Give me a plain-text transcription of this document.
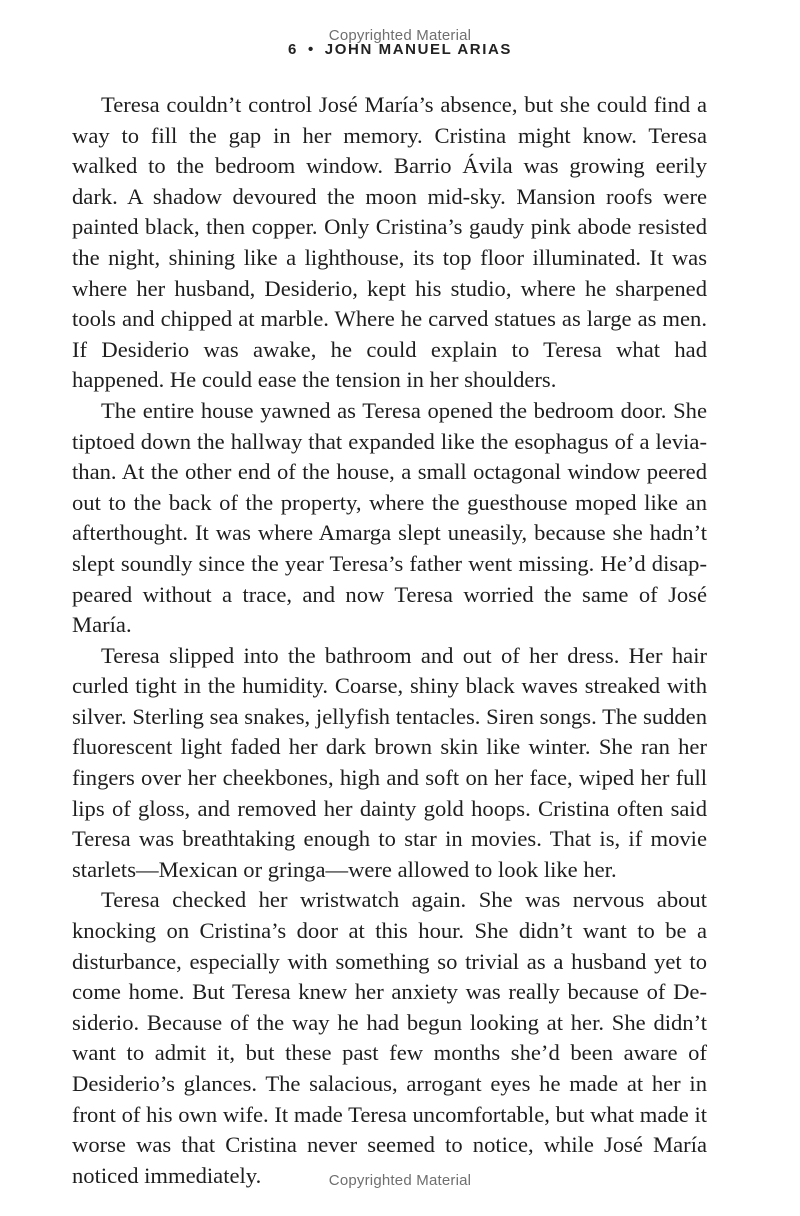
Copyrighted Material
6 • JOHN MANUEL ARIAS

Teresa couldn’t control José María’s absence, but she could find a way to fill the gap in her memory. Cristina might know. Teresa walked to the bedroom window. Barrio Ávila was growing eerily dark. A shadow devoured the moon mid-sky. Mansion roofs were painted black, then copper. Only Cristina’s gaudy pink abode resisted the night, shining like a lighthouse, its top floor illuminated. It was where her husband, Desiderio, kept his studio, where he sharpened tools and chipped at marble. Where he carved statues as large as men. If Desiderio was awake, he could explain to Teresa what had happened. He could ease the tension in her shoulders.

The entire house yawned as Teresa opened the bedroom door. She tiptoed down the hallway that expanded like the esophagus of a leviathan. At the other end of the house, a small octagonal window peered out to the back of the property, where the guesthouse moped like an afterthought. It was where Amarga slept uneasily, because she hadn’t slept soundly since the year Teresa’s father went missing. He’d disappeared without a trace, and now Teresa worried the same of José María.

Teresa slipped into the bathroom and out of her dress. Her hair curled tight in the humidity. Coarse, shiny black waves streaked with silver. Sterling sea snakes, jellyfish tentacles. Siren songs. The sudden fluorescent light faded her dark brown skin like winter. She ran her fingers over her cheekbones, high and soft on her face, wiped her full lips of gloss, and removed her dainty gold hoops. Cristina often said Teresa was breathtaking enough to star in movies. That is, if movie starlets—Mexican or gringa—were allowed to look like her.

Teresa checked her wristwatch again. She was nervous about knocking on Cristina’s door at this hour. She didn’t want to be a disturbance, especially with something so trivial as a husband yet to come home. But Teresa knew her anxiety was really because of Desiderio. Because of the way he had begun looking at her. She didn’t want to admit it, but these past few months she’d been aware of Desiderio’s glances. The salacious, arrogant eyes he made at her in front of his own wife. It made Teresa uncomfortable, but what made it worse was that Cristina never seemed to notice, while José María noticed immediately.	Copyrighted Material
